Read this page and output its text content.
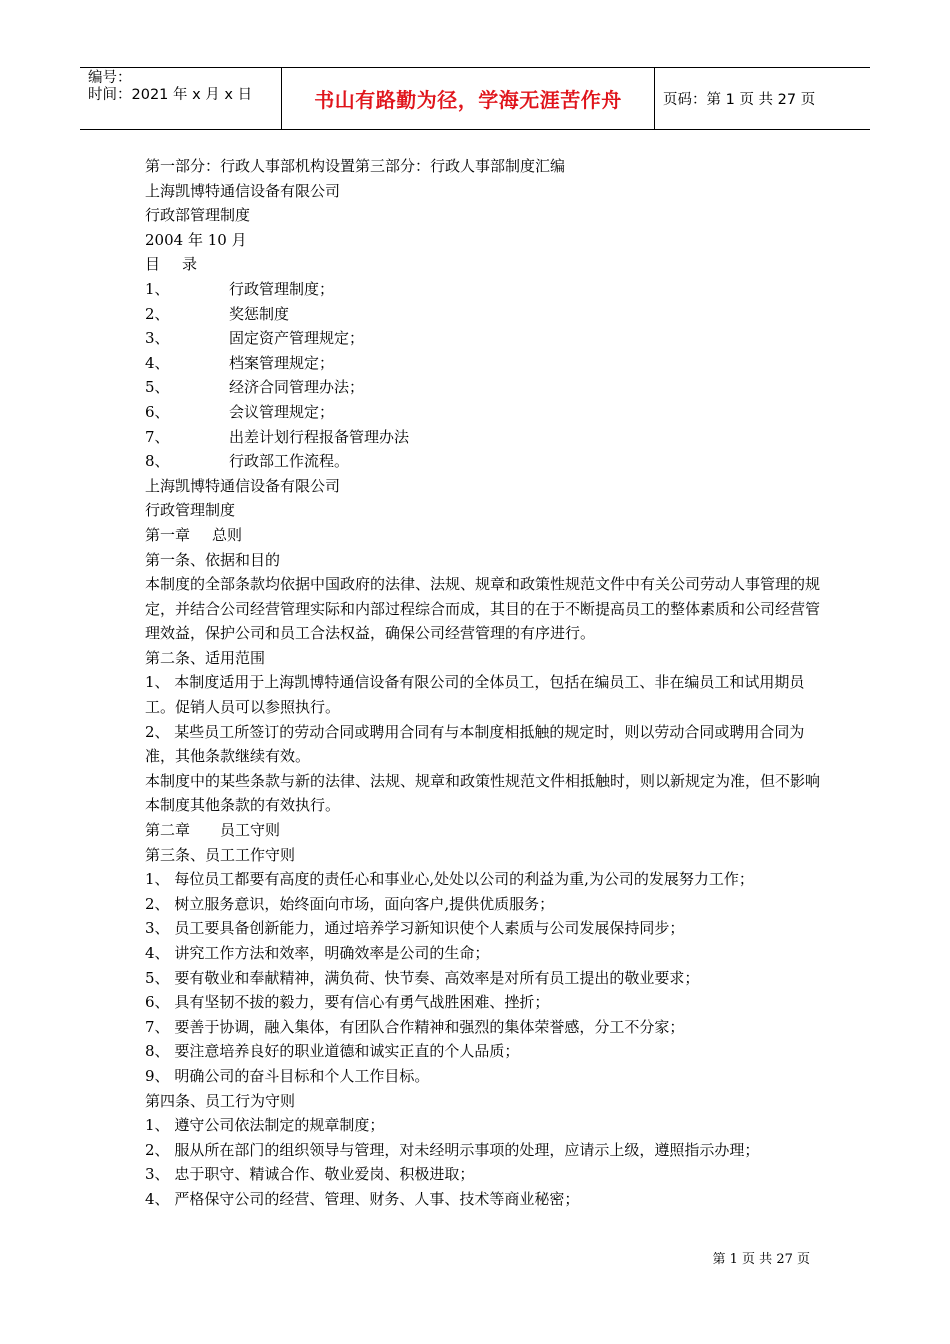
编号：
时间：2021 年 x 月 x 日	书山有路勤为径，学海无涯苦作舟	页码：第 1 页 共 27 页
第一部分：行政人事部机构设置第三部分：行政人事部制度汇编
上海凯博特通信设备有限公司
行政部管理制度
2004 年 10 月
目 录
1、	行政管理制度；
2、	奖惩制度
3、	固定资产管理规定；
4、	档案管理规定；
5、	经济合同管理办法；
6、	会议管理规定；
7、	出差计划行程报备管理办法
8、	行政部工作流程。
上海凯博特通信设备有限公司
行政管理制度
第一章 总则
第一条、依据和目的
本制度的全部条款均依据中国政府的法律、法规、规章和政策性规范文件中有关公司劳动人事管理的规定，并结合公司经营管理实际和内部过程综合而成，其目的在于不断提高员工的整体素质和公司经营管理效益，保护公司和员工合法权益，确保公司经营管理的有序进行。
第二条、适用范围
1、 本制度适用于上海凯博特通信设备有限公司的全体员工，包括在编员工、非在编员工和试用期员工。促销人员可以参照执行。
2、 某些员工所签订的劳动合同或聘用合同有与本制度相抵触的规定时，则以劳动合同或聘用合同为准，其他条款继续有效。
本制度中的某些条款与新的法律、法规、规章和政策性规范文件相抵触时，则以新规定为准，但不影响本制度其他条款的有效执行。
第二章 员工守则
第三条、员工工作守则
1、 每位员工都要有高度的责任心和事业心,处处以公司的利益为重,为公司的发展努力工作；
2、 树立服务意识，始终面向市场，面向客户,提供优质服务；
3、 员工要具备创新能力，通过培养学习新知识使个人素质与公司发展保持同步；
4、 讲究工作方法和效率，明确效率是公司的生命；
5、 要有敬业和奉献精神，满负荷、快节奏、高效率是对所有员工提出的敬业要求；
6、 具有坚韧不拔的毅力，要有信心有勇气战胜困难、挫折；
7、 要善于协调，融入集体，有团队合作精神和强烈的集体荣誉感，分工不分家；
8、 要注意培养良好的职业道德和诚实正直的个人品质；
9、 明确公司的奋斗目标和个人工作目标。
第四条、员工行为守则
1、 遵守公司依法制定的规章制度；
2、 服从所在部门的组织领导与管理，对未经明示事项的处理，应请示上级，遵照指示办理；
3、 忠于职守、精诚合作、敬业爱岗、积极进取；
4、 严格保守公司的经营、管理、财务、人事、技术等商业秘密；
第 1 页 共 27 页
